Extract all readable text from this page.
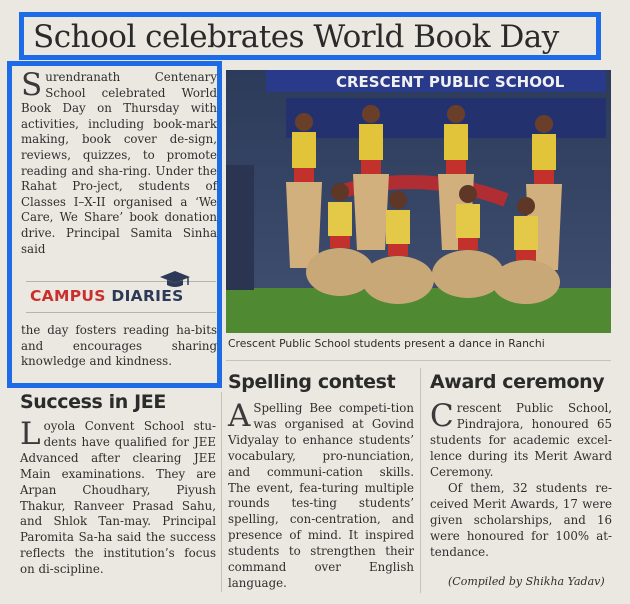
School celebrates World Book Day

Surendranath Centenary School celebrated World Book Day on Thursday with activities, including book-mark making, book cover de-sign, reviews, quizzes, to promote reading and sha-ring. Under the Rahat Pro-ject, students of Classes I–X-II organised a ‘We Care, We Share’ book donation drive. Principal Samita Sinha said

CAMPUS DIARIES

the day fosters reading ha-bits and encourages sharing knowledge and kindness.

CRESCENT PUBLIC SCHOOL
Crescent Public School students present a dance in Ranchi
Success in JEE

Loyola Convent School stu-dents have qualified for JEE Advanced after clearing JEE Main examinations. They are Arpan Choudhary, Piyush Thakur, Ranveer Prasad Sahu, and Shlok Tan-may. Principal Paromita Sa-ha said the success reflects the institution’s focus on di-scipline.

Spelling contest

A Spelling Bee competi-tion was organised at Govind Vidyalay to enhance students’ vocabulary, pro-nunciation, and communi-cation skills. The event, fea-turing multiple rounds tes-ting students’ spelling, con-centration, and presence of mind. It inspired students to strengthen their command over English language.

Award ceremony

Crescent Public School, Pindrajora, honoured 65 students for academic excel-lence during its Merit Award Ceremony.

Of them, 32 students re-ceived Merit Awards, 17 were given scholarships, and 16 were honoured for 100% at-tendance.

(Compiled by Shikha Yadav)
